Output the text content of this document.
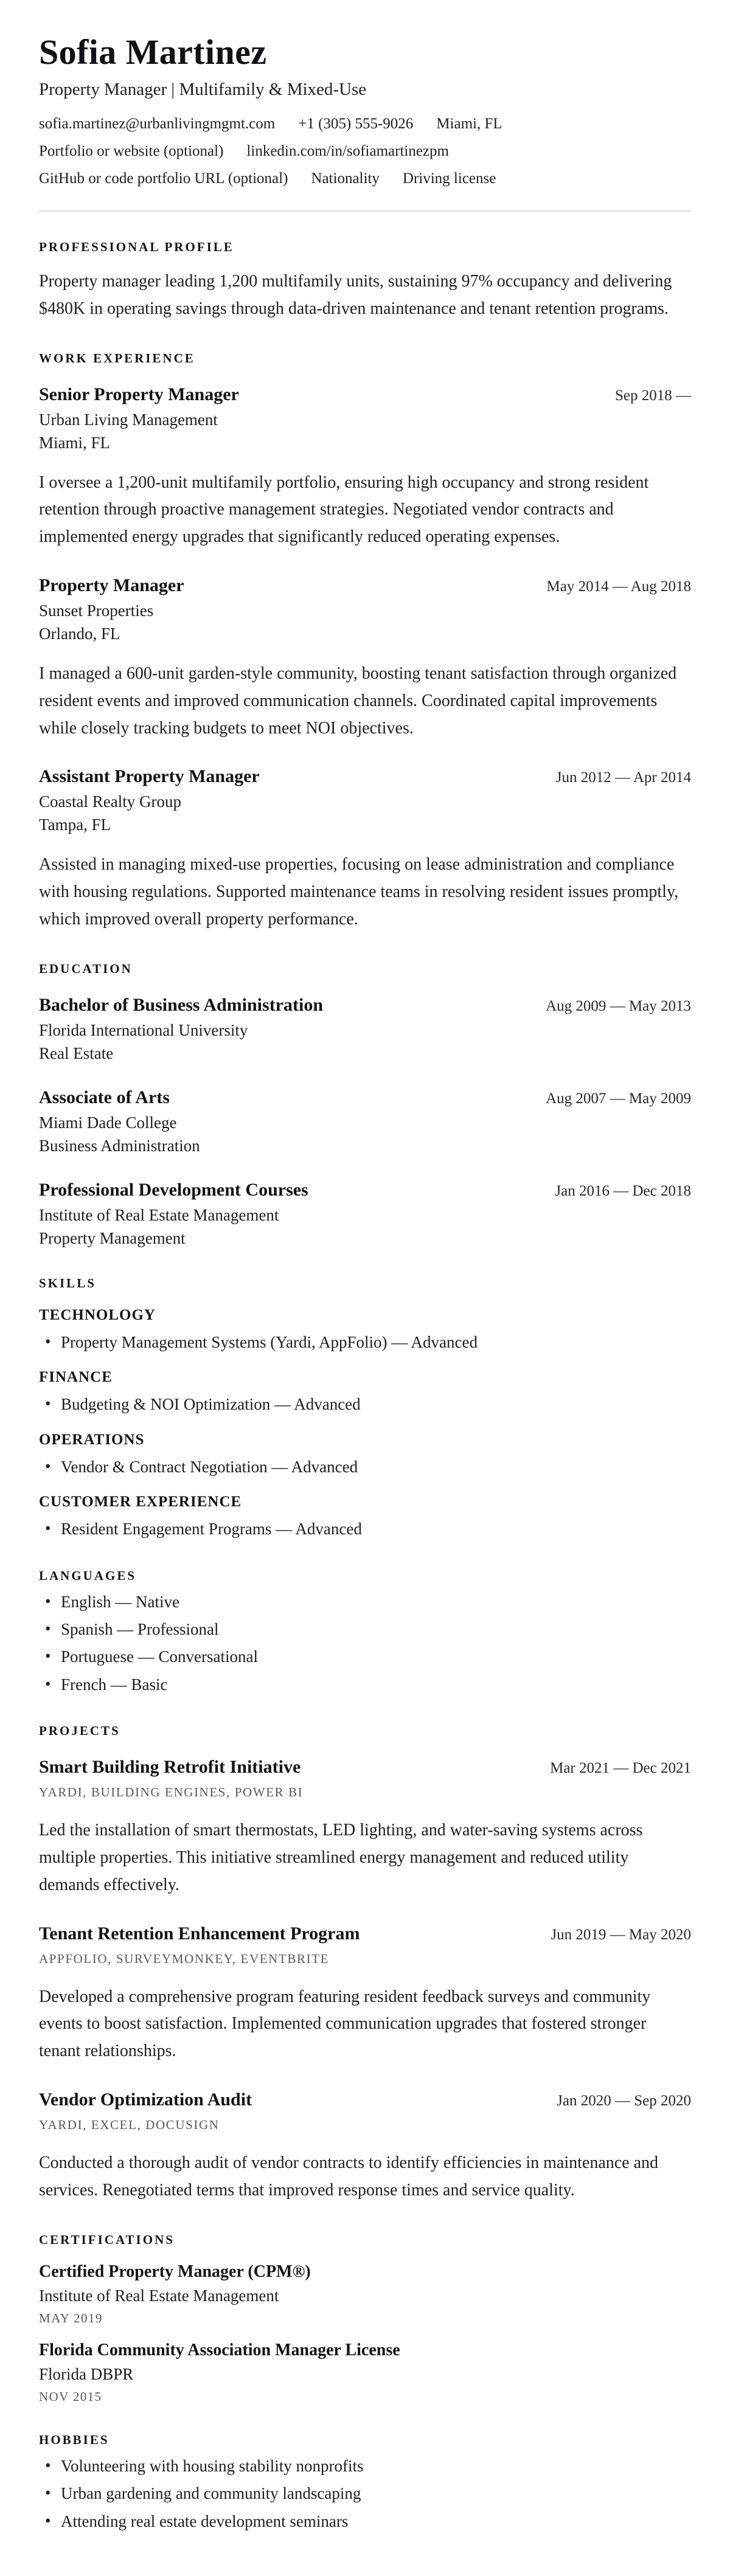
Sofia Martinez
Property Manager | Multifamily & Mixed-Use
sofia.martinez@urbanlivingmgmt.com +1 (305) 555-9026 Miami, FL
Portfolio or website (optional) linkedin.com/in/sofiamartinezpm
GitHub or code portfolio URL (optional) Nationality Driving license
PROFESSIONAL PROFILE

Property manager leading 1,200 multifamily units, sustaining 97% occupancy and delivering $480K in operating savings through data-driven maintenance and tenant retention programs.

WORK EXPERIENCE
Senior Property Manager	Sep 2018 —
Urban Living Management
Miami, FL

I oversee a 1,200-unit multifamily portfolio, ensuring high occupancy and strong resident retention through proactive management strategies. Negotiated vendor contracts and implemented energy upgrades that significantly reduced operating expenses.

Property Manager	May 2014 — Aug 2018
Sunset Properties
Orlando, FL

I managed a 600-unit garden-style community, boosting tenant satisfaction through organized resident events and improved communication channels. Coordinated capital improvements while closely tracking budgets to meet NOI objectives.

Assistant Property Manager	Jun 2012 — Apr 2014
Coastal Realty Group
Tampa, FL

Assisted in managing mixed-use properties, focusing on lease administration and compliance with housing regulations. Supported maintenance teams in resolving resident issues promptly, which improved overall property performance.

EDUCATION
Bachelor of Business Administration	Aug 2009 — May 2013
Florida International University
Real Estate
Associate of Arts	Aug 2007 — May 2009
Miami Dade College
Business Administration
Professional Development Courses	Jan 2016 — Dec 2018
Institute of Real Estate Management
Property Management
SKILLS
TECHNOLOGY
• Property Management Systems (Yardi, AppFolio) — Advanced
FINANCE
• Budgeting & NOI Optimization — Advanced
OPERATIONS
• Vendor & Contract Negotiation — Advanced
CUSTOMER EXPERIENCE
• Resident Engagement Programs — Advanced
LANGUAGES
• English — Native
• Spanish — Professional
• Portuguese — Conversational
• French — Basic
PROJECTS
Smart Building Retrofit Initiative	Mar 2021 — Dec 2021
YARDI, BUILDING ENGINES, POWER BI

Led the installation of smart thermostats, LED lighting, and water-saving systems across multiple properties. This initiative streamlined energy management and reduced utility demands effectively.

Tenant Retention Enhancement Program	Jun 2019 — May 2020
APPFOLIO, SURVEYMONKEY, EVENTBRITE

Developed a comprehensive program featuring resident feedback surveys and community events to boost satisfaction. Implemented communication upgrades that fostered stronger tenant relationships.

Vendor Optimization Audit	Jan 2020 — Sep 2020
YARDI, EXCEL, DOCUSIGN

Conducted a thorough audit of vendor contracts to identify efficiencies in maintenance and services. Renegotiated terms that improved response times and service quality.

CERTIFICATIONS
Certified Property Manager (CPM®)
Institute of Real Estate Management
MAY 2019
Florida Community Association Manager License
Florida DBPR
NOV 2015
HOBBIES
• Volunteering with housing stability nonprofits
• Urban gardening and community landscaping
• Attending real estate development seminars
